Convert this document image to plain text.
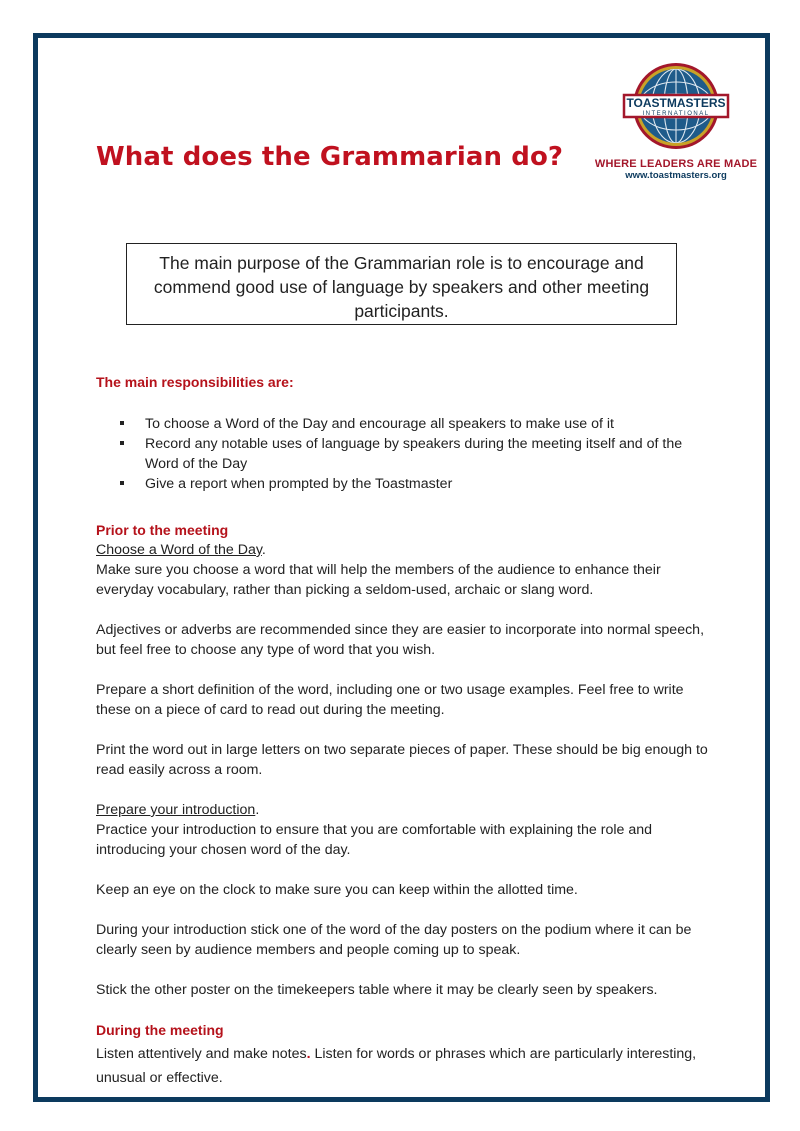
TOASTMASTERS
INTERNATIONAL
WHERE LEADERS ARE MADE
www.toastmasters.org
What does the Grammarian do?
The main purpose of the Grammarian role is to encourage and commend good use of language by speakers and other meeting participants.

The main responsibilities are:

To choose a Word of the Day and encourage all speakers to make use of it
Record any notable uses of language by speakers during the meeting itself and of the Word of the Day
Give a report when prompted by the Toastmaster

Prior to the meeting

Choose a Word of the Day.

Make sure you choose a word that will help the members of the audience to enhance their everyday vocabulary, rather than picking a seldom-used, archaic or slang word.

Adjectives or adverbs are recommended since they are easier to incorporate into normal speech, but feel free to choose any type of word that you wish.

Prepare a short definition of the word, including one or two usage examples. Feel free to write these on a piece of card to read out during the meeting.

Print the word out in large letters on two separate pieces of paper. These should be big enough to read easily across a room.

Prepare your introduction.

Practice your introduction to ensure that you are comfortable with explaining the role and introducing your chosen word of the day.

Keep an eye on the clock to make sure you can keep within the allotted time.

During your introduction stick one of the word of the day posters on the podium where it can be clearly seen by audience members and people coming up to speak.

Stick the other poster on the timekeepers table where it may be clearly seen by speakers.

During the meeting

Listen attentively and make notes. Listen for words or phrases which are particularly interesting, unusual or effective.
